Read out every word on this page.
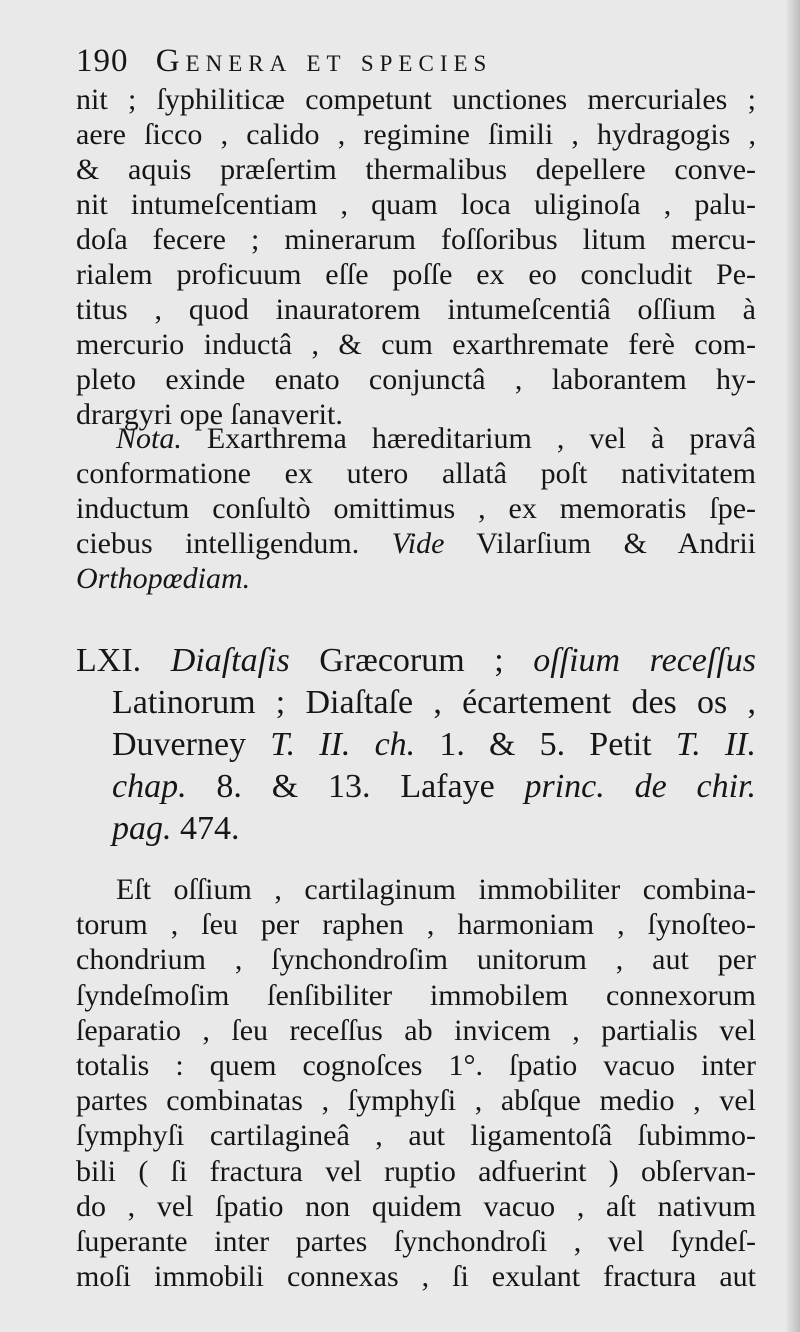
190 Genera et species
nit ; ſyphiliticæ competunt unctiones mercuriales ;
aere ſicco , calido , regimine ſimili , hydragogis ,
& aquis præſertim thermalibus depellere conve-
nit intumeſcentiam , quam loca uliginoſa , palu-
doſa fecere ; minerarum foſſoribus litum mercu-
rialem proficuum eſſe poſſe ex eo concludit Pe-
titus , quod inauratorem intumeſcentiâ oſſium à
mercurio inductâ , & cum exarthremate ferè com-
pleto exinde enato conjunctâ , laborantem hy-
drargyri ope ſanaverit.
Nota. Exarthrema hæreditarium , vel à pravâ
conformatione ex utero allatâ poſt nativitatem
inductum conſultò omittimus , ex memoratis ſpe-
ciebus intelligendum. Vide Vilarſium & Andrii
Orthopœdiam.
LXI. Diaſtaſis Græcorum ; oſſium receſſus
Latinorum ; Diaſtaſe , écartement des os ,
Duverney T. II. ch. 1. & 5. Petit T. II.
chap. 8. & 13. Lafaye princ. de chir.
pag. 474.
Eſt oſſium , cartilaginum immobiliter combina-
torum , ſeu per raphen , harmoniam , ſynoſteo-
chondrium , ſynchondroſim unitorum , aut per
ſyndeſmoſim ſenſibiliter immobilem connexorum
ſeparatio , ſeu receſſus ab invicem , partialis vel
totalis : quem cognoſces 1°. ſpatio vacuo inter
partes combinatas , ſymphyſi , abſque medio , vel
ſymphyſi cartilagineâ , aut ligamentoſâ ſubimmo-
bili ( ſi fractura vel ruptio adfuerint ) obſervan-
do , vel ſpatio non quidem vacuo , aſt nativum
ſuperante inter partes ſynchondroſi , vel ſyndeſ-
moſi immobili connexas , ſi exulant fractura aut
